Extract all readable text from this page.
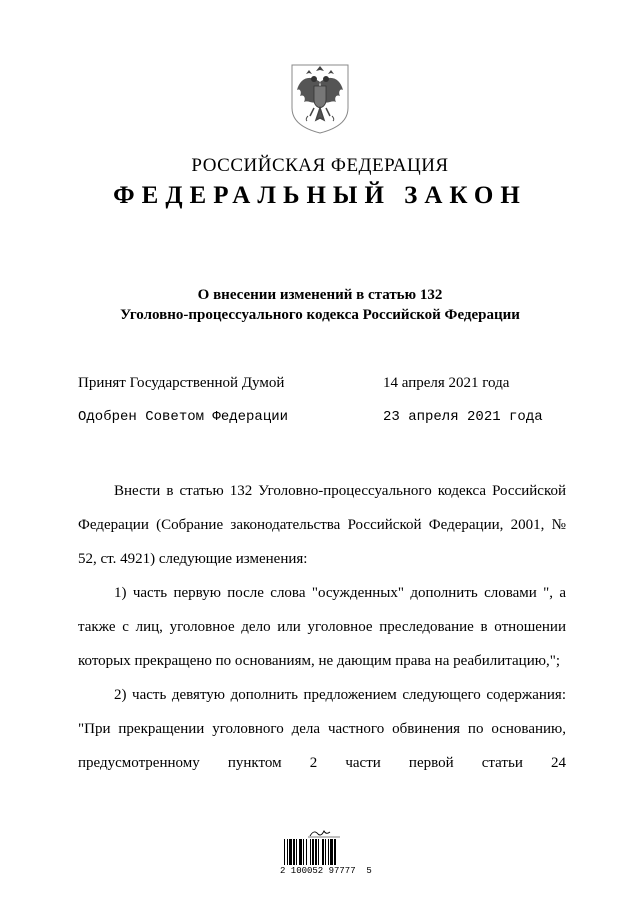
РОССИЙСКАЯ ФЕДЕРАЦИЯ
ФЕДЕРАЛЬНЫЙ ЗАКОН
О внесении изменений в статью 132
Уголовно-процессуального кодекса Российской Федерации
Принят Государственной Думой	14 апреля 2021 года
Одобрен Советом Федерации	23 апреля 2021 года

Внести в статью 132 Уголовно-процессуального кодекса Российской Федерации (Собрание законодательства Российской Федерации, 2001, № 52, ст. 4921) следующие изменения:

1) часть первую после слова "осужденных" дополнить словами ", а также с лиц, уголовное дело или уголовное преследование в отношении которых прекращено по основаниям, не дающим права на реабилитацию,";

2) часть девятую дополнить предложением следующего содержания:

"При прекращении уголовного дела частного обвинения по основанию, предусмотренному пунктом 2 части первой статьи 24

2 100052 97777  5
